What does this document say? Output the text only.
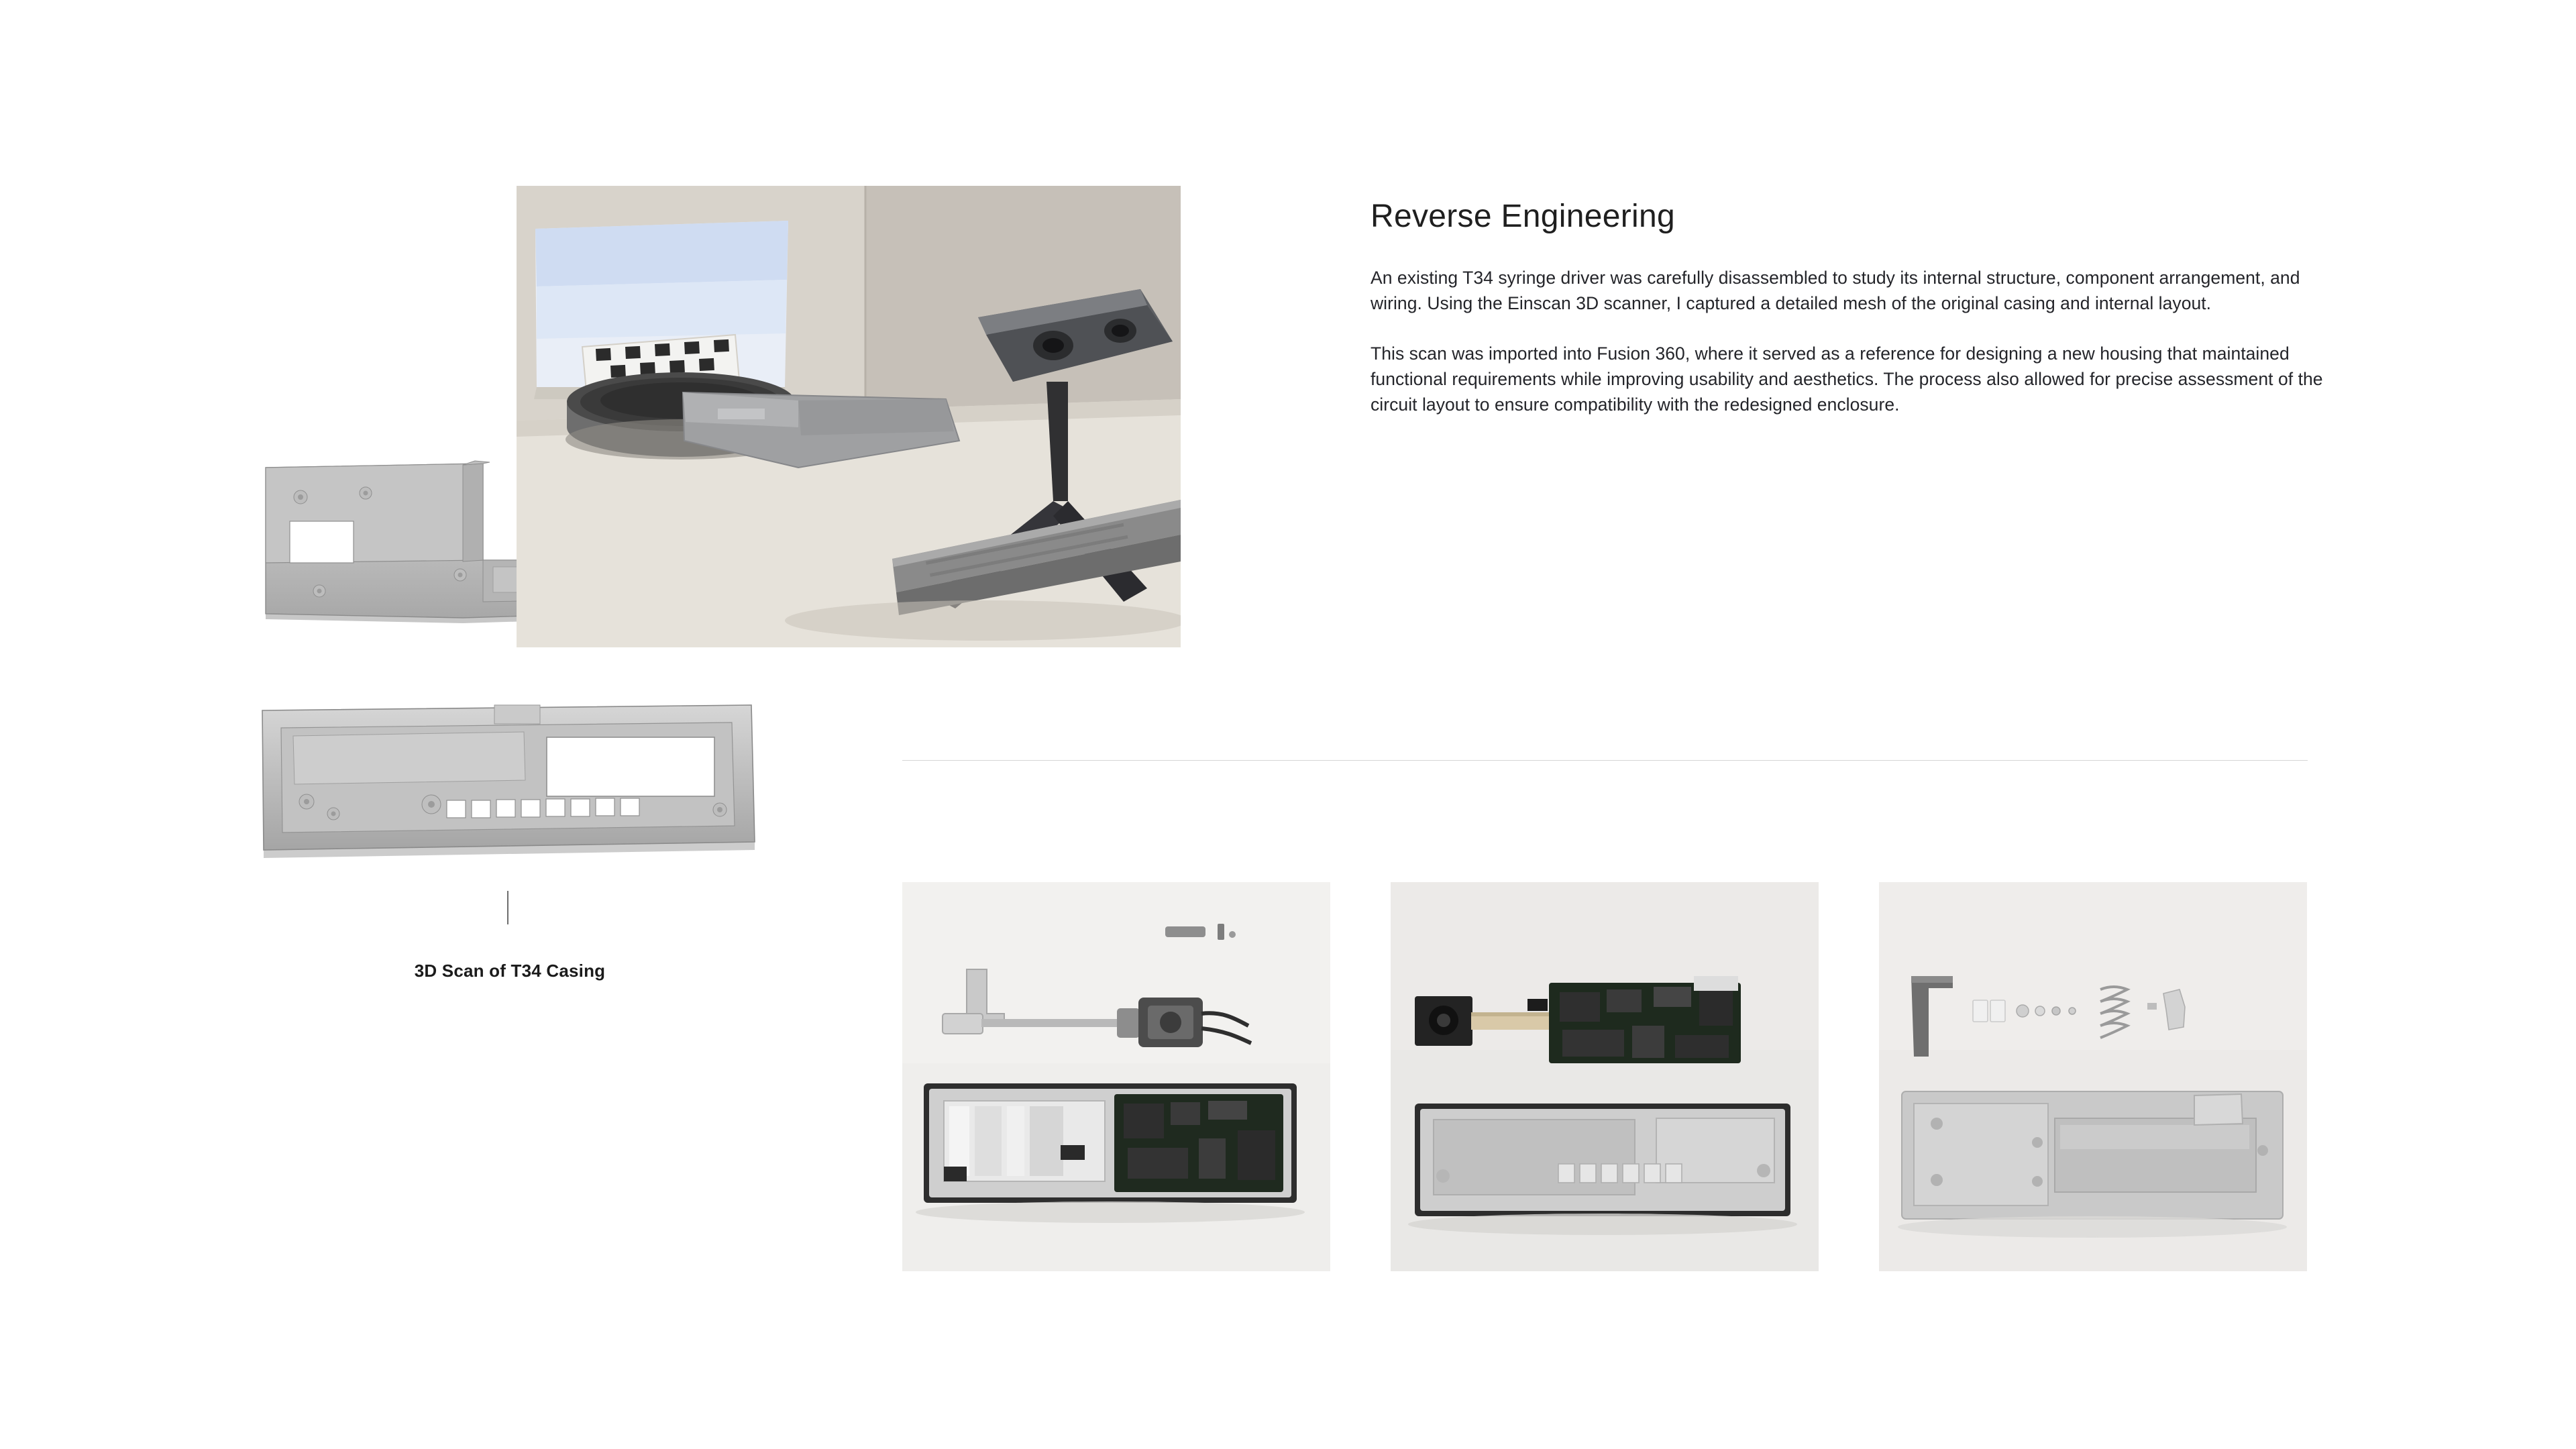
3D Scan of T34 Casing
Reverse Engineering

An existing T34 syringe driver was carefully disassembled to study its internal structure, component arrangement, and wiring. Using the Einscan 3D scanner, I captured a detailed mesh of the original casing and internal layout.

This scan was imported into Fusion 360, where it served as a reference for designing a new housing that maintained functional requirements while improving usability and aesthetics. The process also allowed for precise assessment of the circuit layout to ensure compatibility with the redesigned enclosure.
